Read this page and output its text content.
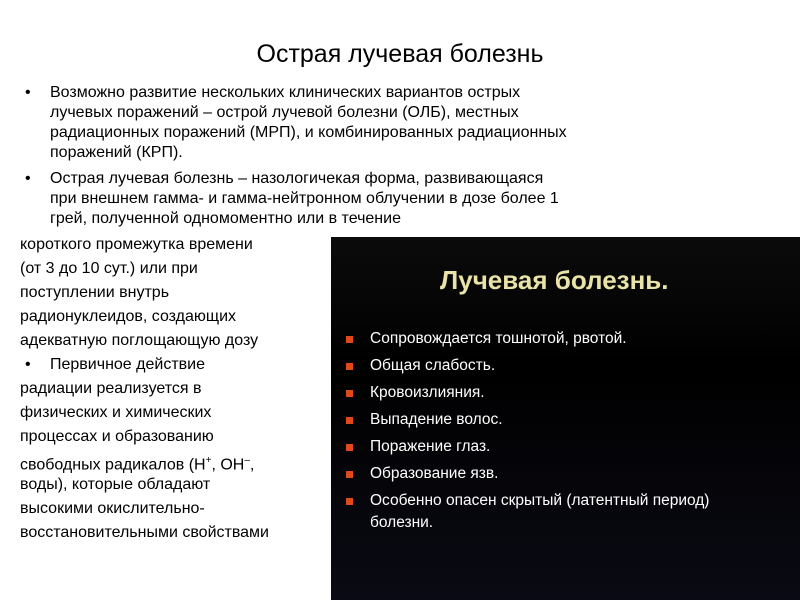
Острая лучевая болезнь
• Возможно развитие нескольких клинических вариантов острых
лучевых поражений – острой лучевой болезни (ОЛБ), местных
радиационных поражений (МРП), и комбинированных радиационных
поражений (КРП).
• Острая лучевая болезнь – назологичекая форма, развивающаяся
при внешнем гамма- и гамма-нейтронном облучении в дозе более 1
грей, полученной одномоментно или в течение
короткого промежутка времени
(от 3 до 10 сут.) или при
поступлении внутрь
радионуклеидов, создающих
адекватную поглощающую дозу
• Первичное действие
радиации реализуется в
физических и химических
процессах и образованию
свободных радикалов (Н+, ОН–,
воды), которые обладают
высокими окислительно-
восстановительными свойствами
Лучевая болезнь.
Сопровождается тошнотой, рвотой.
Общая слабость.
Кровоизлияния.
Выпадение волос.
Поражение глаз.
Образование язв.
Особенно опасен скрытый (латентный период)
болезни.
